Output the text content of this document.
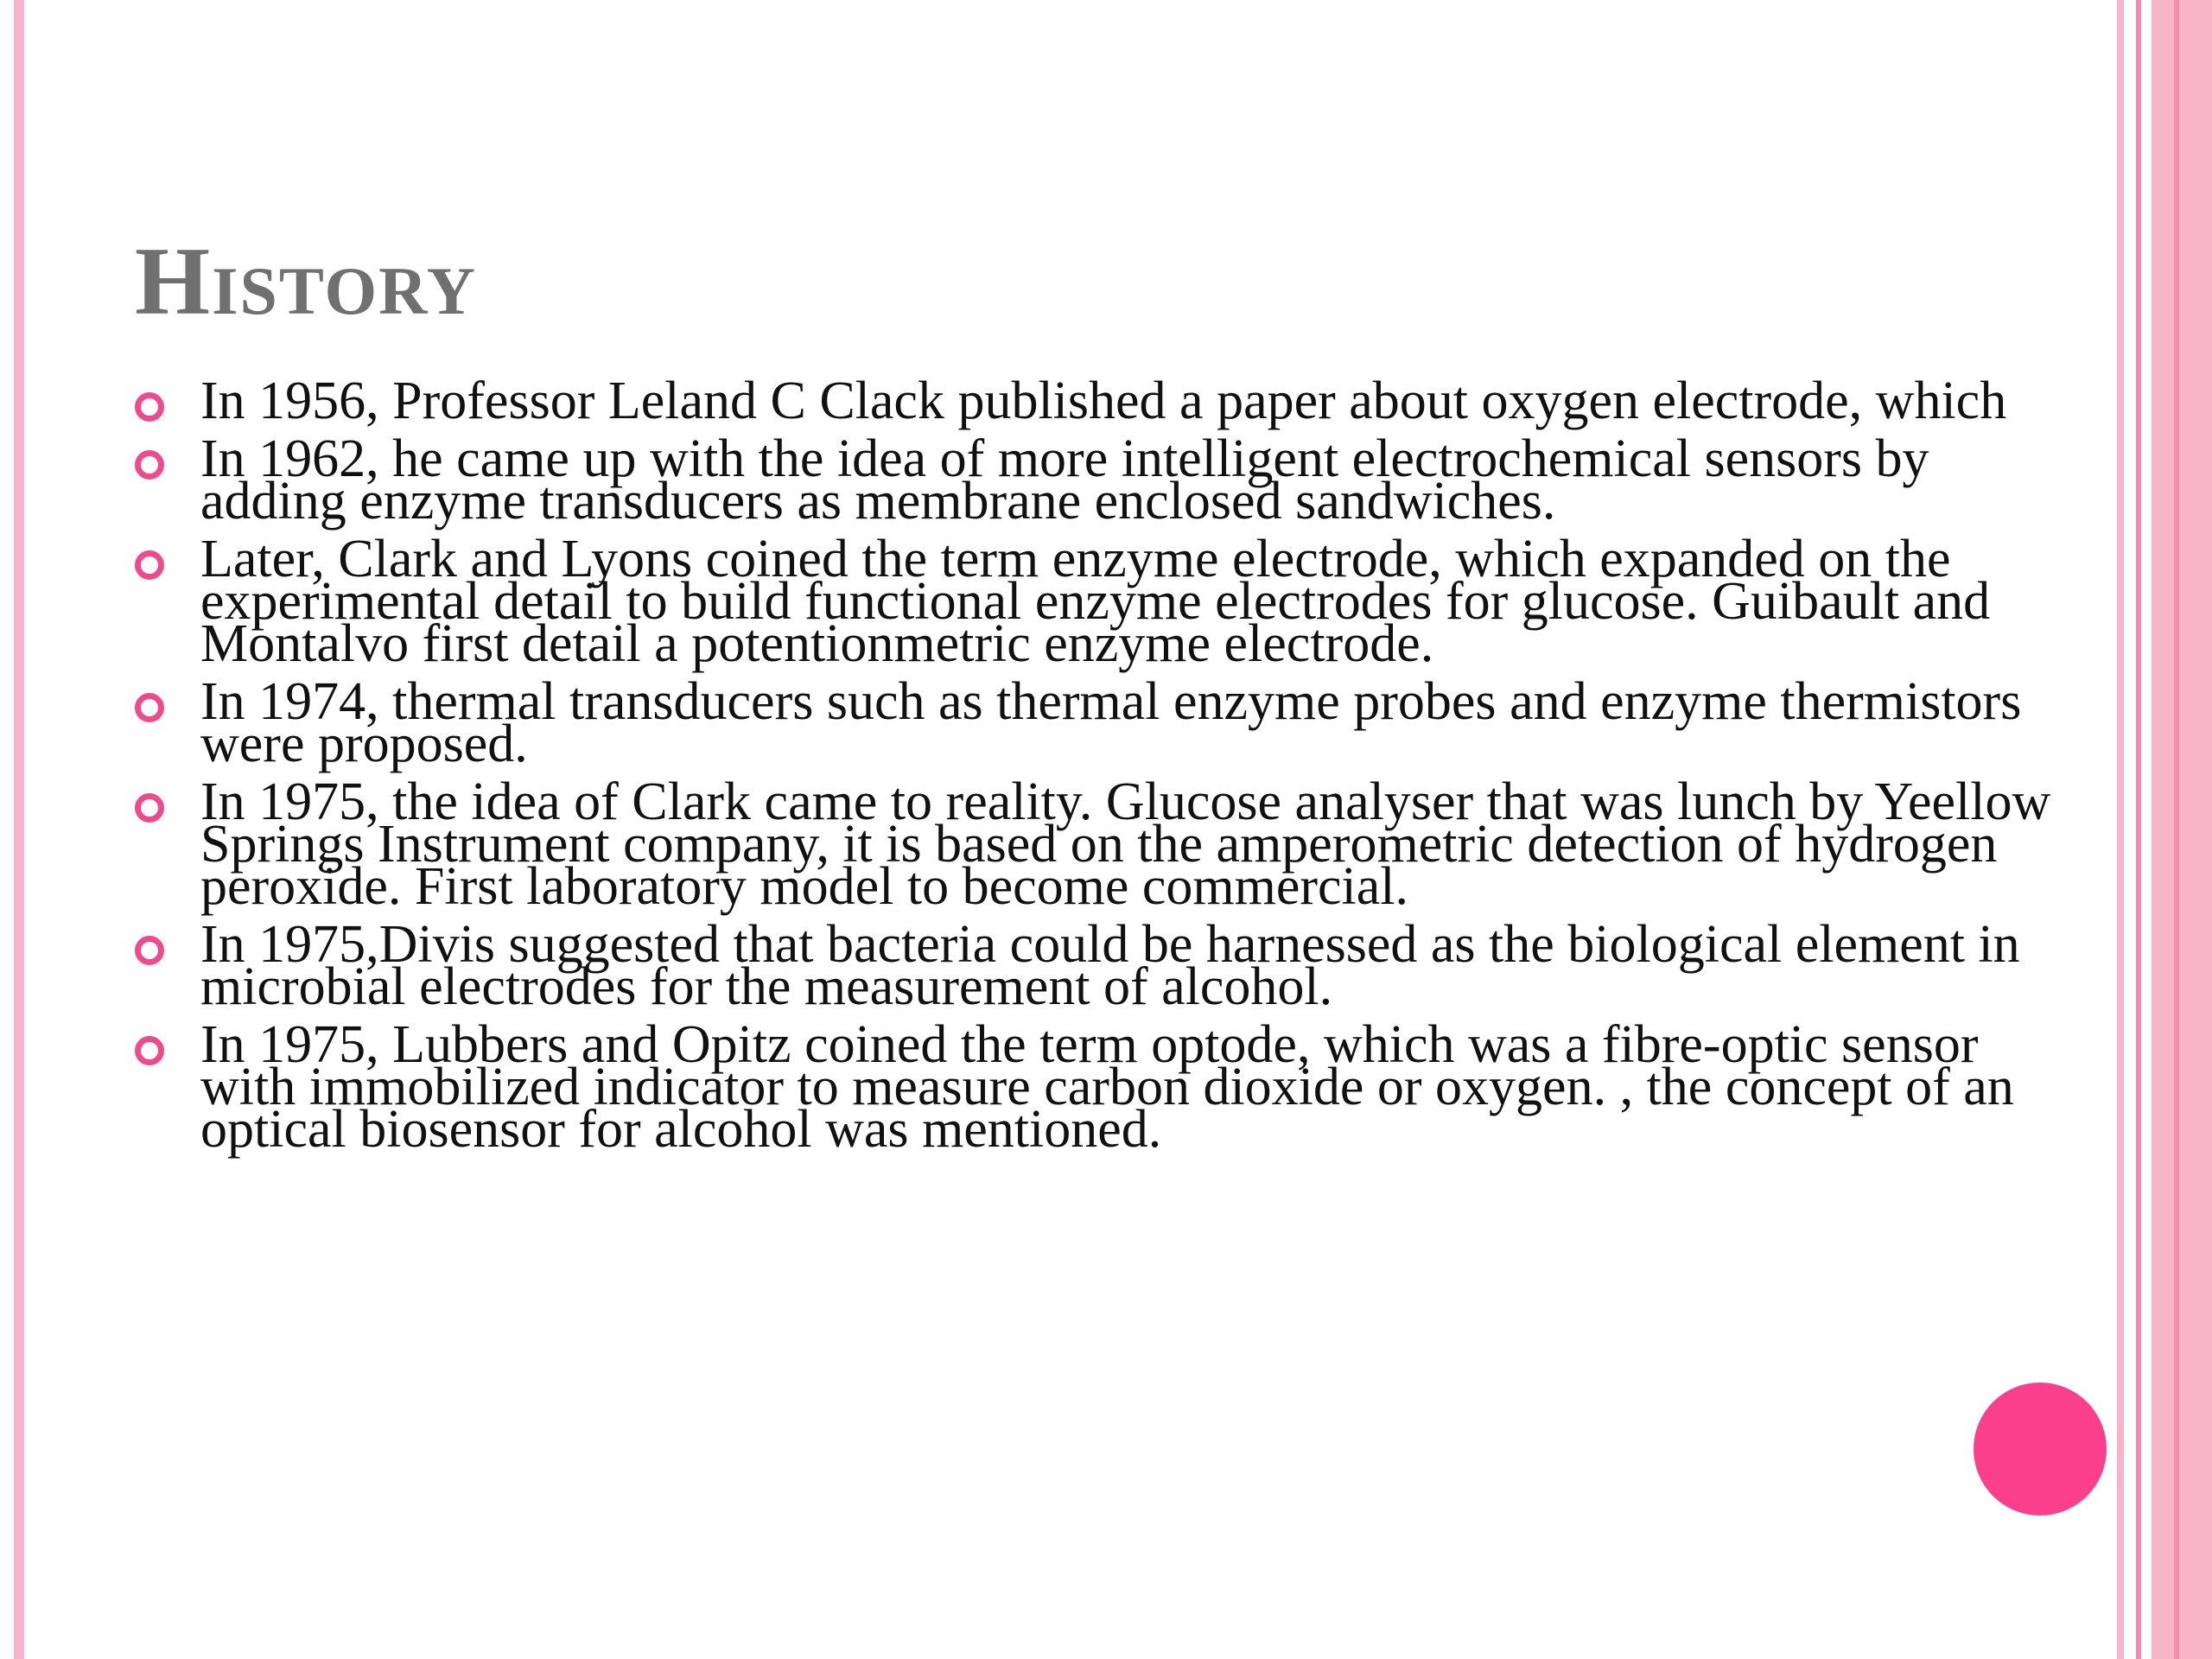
History
In 1956, Professor Leland C Clack published a paper about oxygen electrode, which
In 1962, he came up with the idea of more intelligent electrochemical sensors by adding enzyme transducers as membrane enclosed sandwiches.
Later, Clark and Lyons coined the term enzyme electrode, which expanded on the experimental detail to build functional enzyme electrodes for glucose. Guibault and Montalvo first detail a potentionmetric enzyme electrode.
In 1974, thermal transducers such as thermal enzyme probes and enzyme thermistors were proposed.
In 1975, the idea of Clark came to reality. Glucose analyser that was lunch by Yeellow Springs Instrument company, it is based on the amperometric detection of hydrogen peroxide. First laboratory model to become commercial.
In 1975,Divis suggested that bacteria could be harnessed as the biological element in microbial electrodes for the measurement of alcohol.
In 1975, Lubbers and Opitz coined the term optode, which was a fibre-optic sensor with immobilized indicator to measure carbon dioxide or oxygen. , the concept of an optical biosensor for alcohol was mentioned.
